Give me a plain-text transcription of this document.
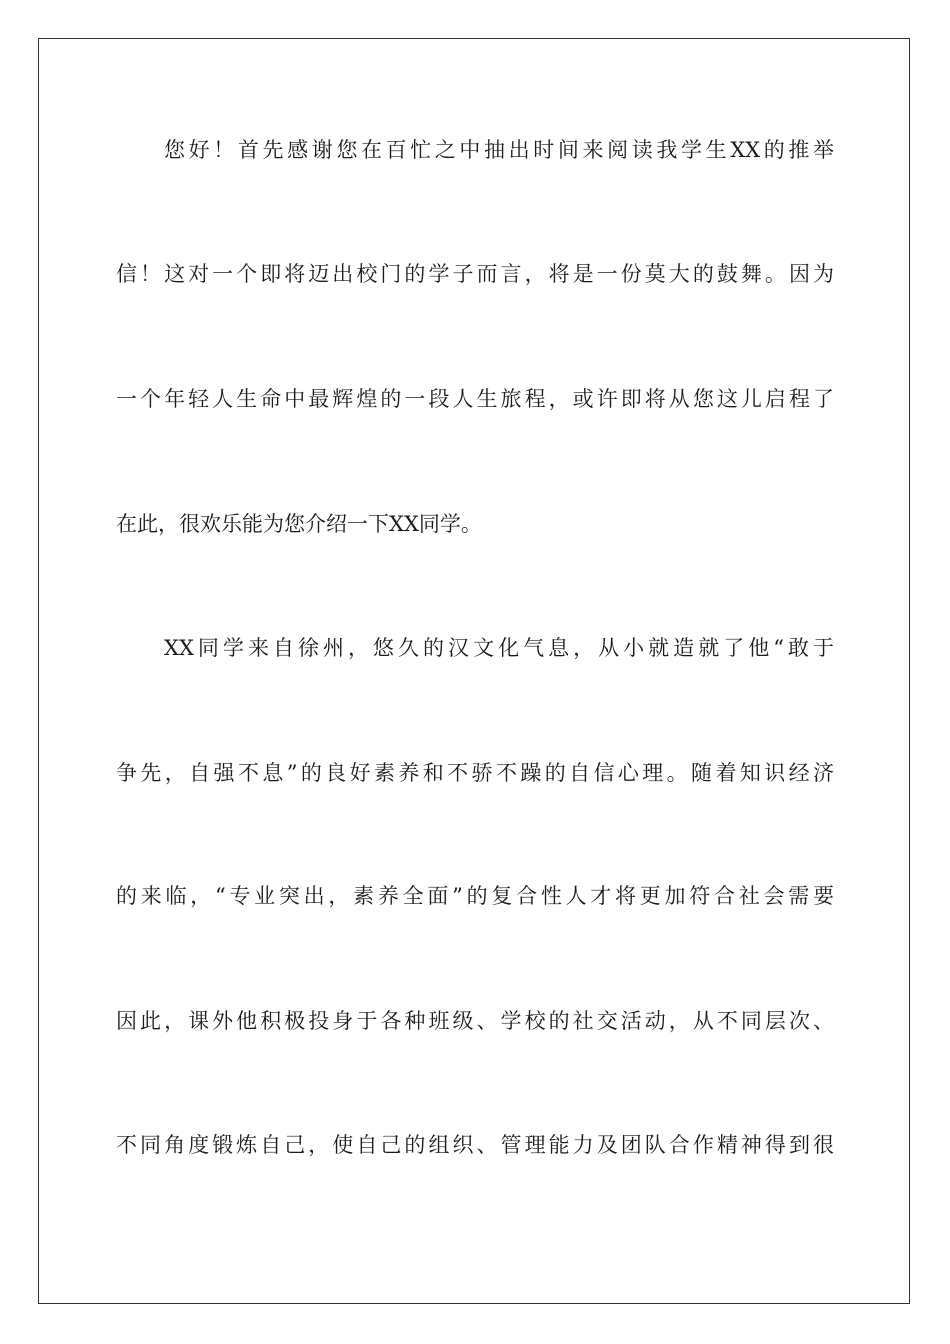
您好！首先感谢您在百忙之中抽出时间来阅读我学生XX的推举
信！这对一个即将迈出校门的学子而言，将是一份莫大的鼓舞。因为
一个年轻人生命中最辉煌的一段人生旅程，或许即将从您这儿启程了
在此，很欢乐能为您介绍一下XX同学。
XX同学来自徐州，悠久的汉文化气息，从小就造就了他“敢于
争先，自强不息”的良好素养和不骄不躁的自信心理。随着知识经济
的来临，“专业突出，素养全面”的复合性人才将更加符合社会需要
因此，课外他积极投身于各种班级、学校的社交活动，从不同层次、
不同角度锻炼自己，使自己的组织、管理能力及团队合作精神得到很
